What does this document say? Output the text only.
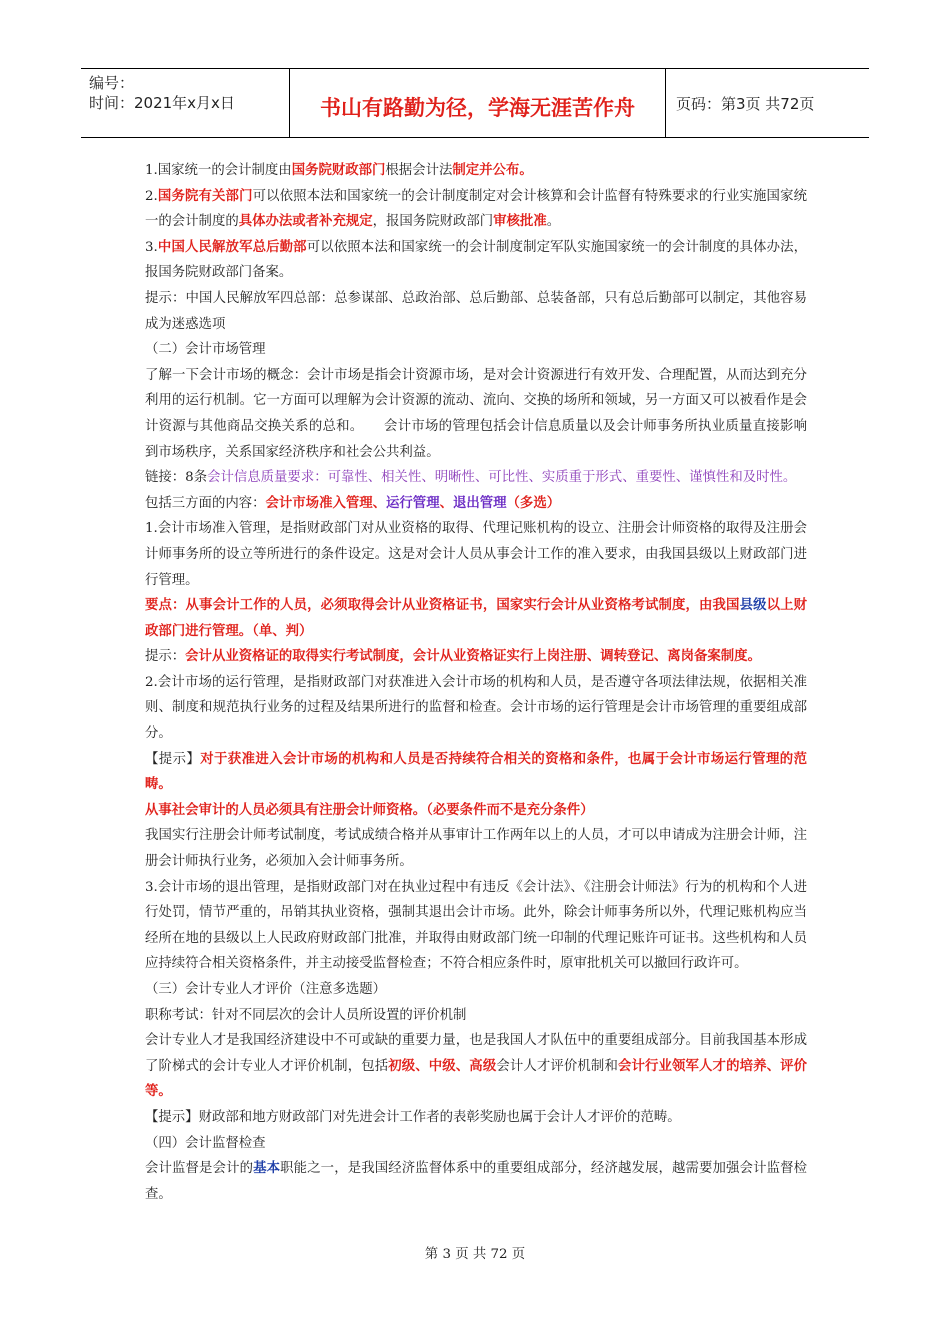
编号：
时间：2021年x月x日	书山有路勤为径，学海无涯苦作舟	页码：第3页 共72页

1.国家统一的会计制度由国务院财政部门根据会计法制定并公布。

2.国务院有关部门可以依照本法和国家统一的会计制度制定对会计核算和会计监督有特殊要求的行业实施国家统一的会计制度的具体办法或者补充规定，报国务院财政部门审核批准。

3.中国人民解放军总后勤部可以依照本法和国家统一的会计制度制定军队实施国家统一的会计制度的具体办法，报国务院财政部门备案。

提示：中国人民解放军四总部：总参谋部、总政治部、总后勤部、总装备部，只有总后勤部可以制定，其他容易成为迷惑选项

（二）会计市场管理

了解一下会计市场的概念：会计市场是指会计资源市场，是对会计资源进行有效开发、合理配置，从而达到充分利用的运行机制。它一方面可以理解为会计资源的流动、流向、交换的场所和领域，另一方面又可以被看作是会计资源与其他商品交换关系的总和。　　会计市场的管理包括会计信息质量以及会计师事务所执业质量直接影响到市场秩序，关系国家经济秩序和社会公共利益。

链接：8条会计信息质量要求：可靠性、相关性、明晰性、可比性、实质重于形式、重要性、谨慎性和及时性。

包括三方面的内容：会计市场准入管理、运行管理、退出管理（多选）

1.会计市场准入管理，是指财政部门对从业资格的取得、代理记账机构的设立、注册会计师资格的取得及注册会计师事务所的设立等所进行的条件设定。这是对会计人员从事会计工作的准入要求，由我国县级以上财政部门进行管理。

要点：从事会计工作的人员，必须取得会计从业资格证书，国家实行会计从业资格考试制度，由我国县级以上财政部门进行管理。（单、判）

提示：会计从业资格证的取得实行考试制度，会计从业资格证实行上岗注册、调转登记、离岗备案制度。

2.会计市场的运行管理，是指财政部门对获准进入会计市场的机构和人员，是否遵守各项法律法规，依据相关准则、制度和规范执行业务的过程及结果所进行的监督和检查。会计市场的运行管理是会计市场管理的重要组成部分。

【提示】对于获准进入会计市场的机构和人员是否持续符合相关的资格和条件，也属于会计市场运行管理的范畴。

从事社会审计的人员必须具有注册会计师资格。（必要条件而不是充分条件）

我国实行注册会计师考试制度，考试成绩合格并从事审计工作两年以上的人员，才可以申请成为注册会计师，注册会计师执行业务，必须加入会计师事务所。

3.会计市场的退出管理，是指财政部门对在执业过程中有违反《会计法》、《注册会计师法》行为的机构和个人进行处罚，情节严重的，吊销其执业资格，强制其退出会计市场。此外，除会计师事务所以外，代理记账机构应当经所在地的县级以上人民政府财政部门批准，并取得由财政部门统一印制的代理记账许可证书。这些机构和人员应持续符合相关资格条件，并主动接受监督检查；不符合相应条件时，原审批机关可以撤回行政许可。

（三）会计专业人才评价（注意多选题）

职称考试：针对不同层次的会计人员所设置的评价机制

会计专业人才是我国经济建设中不可或缺的重要力量，也是我国人才队伍中的重要组成部分。目前我国基本形成了阶梯式的会计专业人才评价机制，包括初级、中级、高级会计人才评价机制和会计行业领军人才的培养、评价等。

【提示】财政部和地方财政部门对先进会计工作者的表彰奖励也属于会计人才评价的范畴。

（四）会计监督检查

会计监督是会计的基本职能之一，是我国经济监督体系中的重要组成部分，经济越发展，越需要加强会计监督检查。

第 3 页 共 72 页
